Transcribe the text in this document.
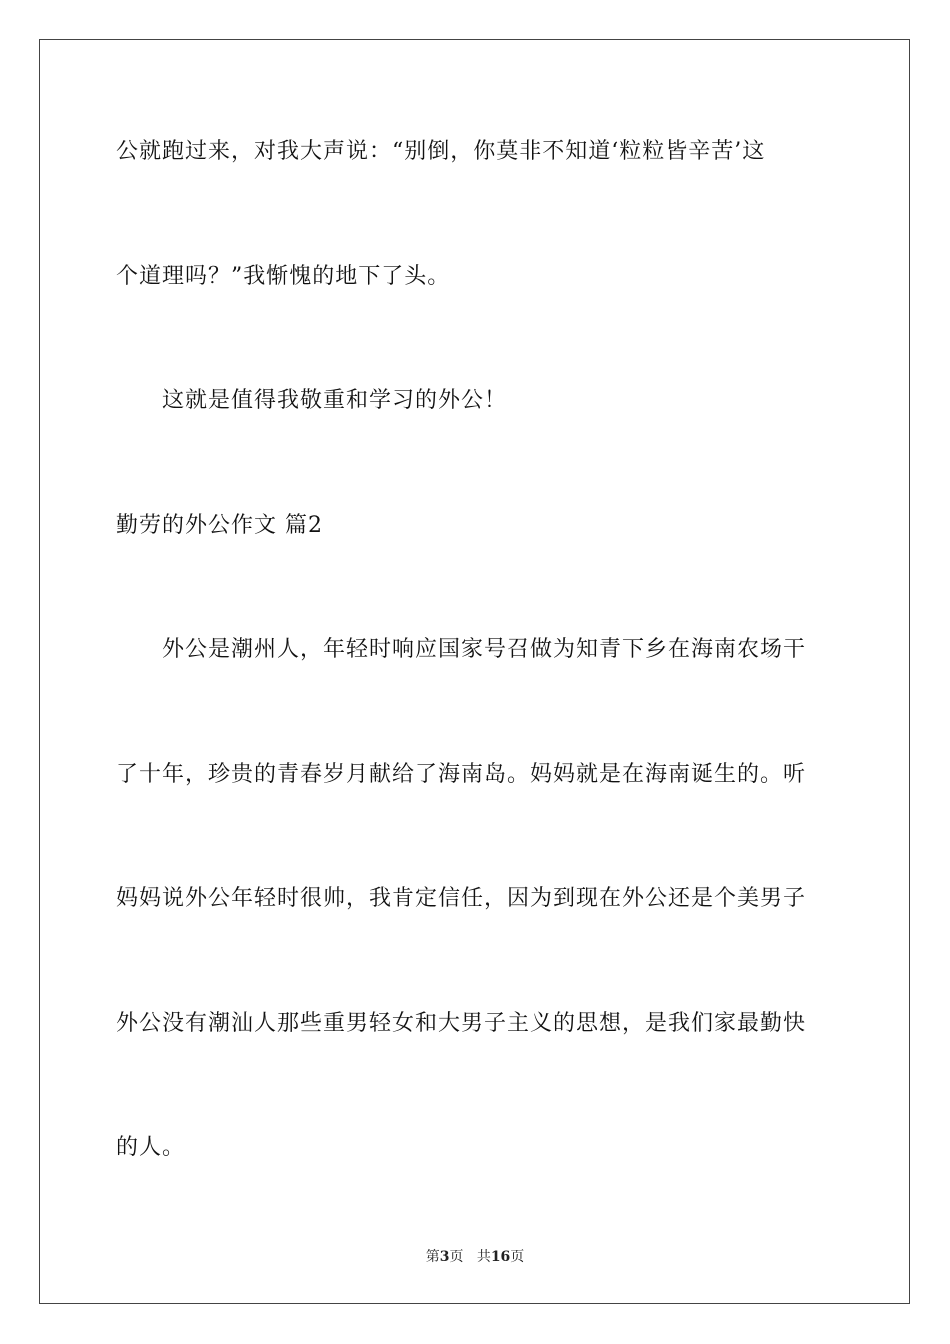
公就跑过来，对我大声说：“别倒，你莫非不知道‘粒粒皆辛苦’这
个道理吗？”我惭愧的地下了头。
这就是值得我敬重和学习的外公！
勤劳的外公作文 篇2
外公是潮州人，年轻时响应国家号召做为知青下乡在海南农场干
了十年，珍贵的青春岁月献给了海南岛。妈妈就是在海南诞生的。听
妈妈说外公年轻时很帅，我肯定信任，因为到现在外公还是个美男子
外公没有潮汕人那些重男轻女和大男子主义的思想，是我们家最勤快
的人。
第3页 共16页
